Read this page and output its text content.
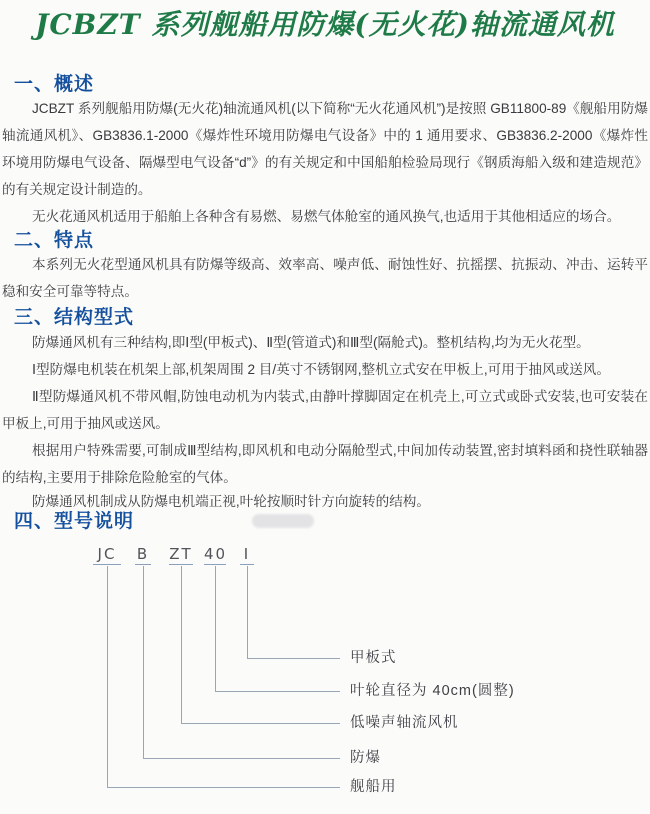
JCBZT 系列舰船用防爆(无火花)轴流通风机
一、概述
JCBZT 系列舰船用防爆(无火花)轴流通风机(以下简称“无火花通风机”)是按照 GB11800-89《舰船用防爆轴流通风机》、GB3836.1-2000《爆炸性环境用防爆电气设备》中的 1 通用要求、GB3836.2-2000《爆炸性环境用防爆电气设备、隔爆型电气设备“d”》的有关规定和中国船舶检验局现行《钢质海船入级和建造规范》的有关规定设计制造的。
无火花通风机适用于船舶上各种含有易燃、易燃气体舱室的通风换气,也适用于其他相适应的场合。
二、特点
本系列无火花型通风机具有防爆等级高、效率高、噪声低、耐蚀性好、抗摇摆、抗振动、冲击、运转平稳和安全可靠等特点。
三、结构型式
防爆通风机有三种结构,即Ⅰ型(甲板式)、Ⅱ型(管道式)和Ⅲ型(隔舱式)。整机结构,均为无火花型。
Ⅰ型防爆电机装在机架上部,机架周围 2 目/英寸不锈钢网,整机立式安在甲板上,可用于抽风或送风。
Ⅱ型防爆通风机不带风帽,防蚀电动机为内装式,由静叶撑脚固定在机壳上,可立式或卧式安装,也可安装在甲板上,可用于抽风或送风。
根据用户特殊需要,可制成Ⅲ型结构,即风机和电动分隔舱型式,中间加传动装置,密封填料函和挠性联轴器的结构,主要用于排除危险舱室的气体。
防爆通风机制成从防爆电机端正视,叶轮按顺时针方向旋转的结构。
四、型号说明
JC
舰船用
B
防爆
ZT
低噪声轴流风机
40
叶轮直径为 40cm(圆整)
Ⅰ
甲板式
